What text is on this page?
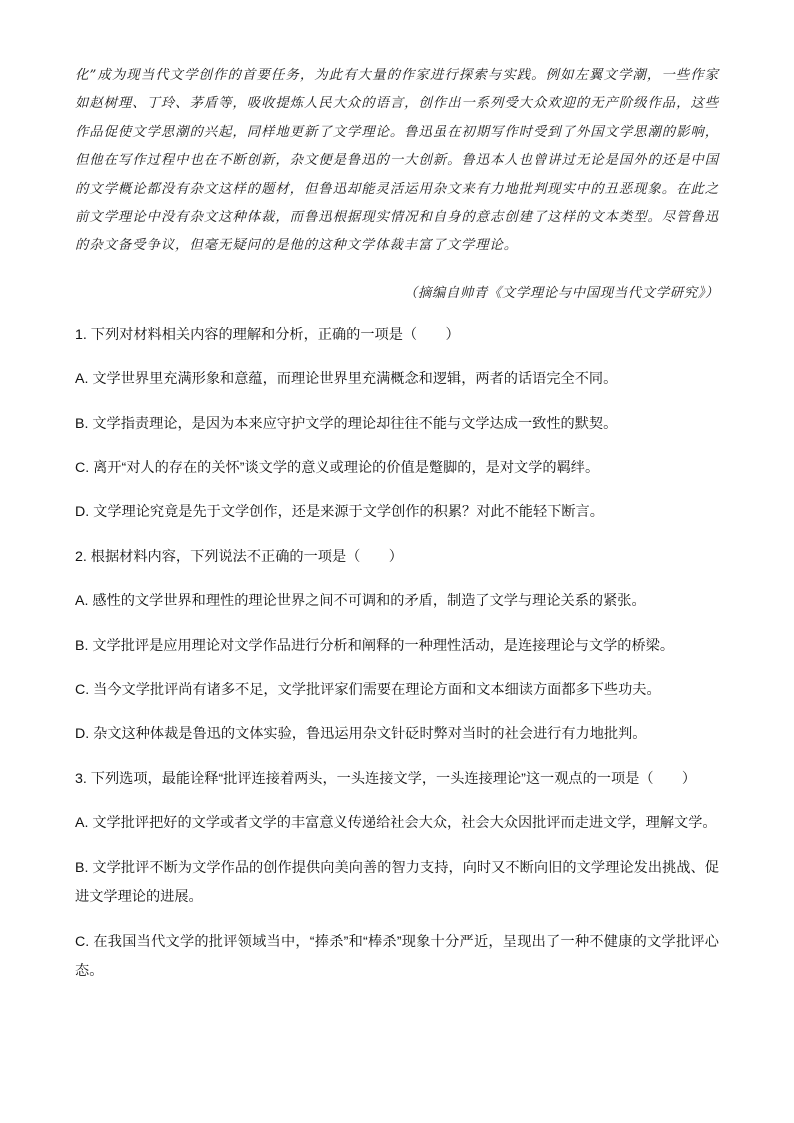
化”成为现当代文学创作的首要任务，为此有大量的作家进行探索与实践。例如左翼文学潮，一些作家如赵树理、丁玲、茅盾等，吸收提炼人民大众的语言，创作出一系列受大众欢迎的无产阶级作品，这些作品促使文学思潮的兴起，同样地更新了文学理论。鲁迅虽在初期写作时受到了外国文学思潮的影响，但他在写作过程中也在不断创新，杂文便是鲁迅的一大创新。鲁迅本人也曾讲过无论是国外的还是中国的文学概论都没有杂文这样的题材，但鲁迅却能灵活运用杂文来有力地批判现实中的丑恶现象。在此之前文学理论中没有杂文这种体裁，而鲁迅根据现实情况和自身的意志创建了这样的文本类型。尽管鲁迅的杂文备受争议，但毫无疑问的是他的这种文学体裁丰富了文学理论。

（摘编自帅青《文学理论与中国现当代文学研究》）
1. 下列对材料相关内容的理解和分析，正确的一项是（　　）
A. 文学世界里充满形象和意蕴，而理论世界里充满概念和逻辑，两者的话语完全不同。
B. 文学指责理论，是因为本来应守护文学的理论却往往不能与文学达成一致性的默契。
C. 离开“对人的存在的关怀”谈文学的意义或理论的价值是蹩脚的，是对文学的羁绊。
D. 文学理论究竟是先于文学创作，还是来源于文学创作的积累？对此不能轻下断言。
2. 根据材料内容，下列说法不正确的一项是（　　）
A. 感性的文学世界和理性的理论世界之间不可调和的矛盾，制造了文学与理论关系的紧张。
B. 文学批评是应用理论对文学作品进行分析和阐释的一种理性活动，是连接理论与文学的桥梁。
C. 当今文学批评尚有诸多不足，文学批评家们需要在理论方面和文本细读方面都多下些功夫。
D. 杂文这种体裁是鲁迅的文体实验，鲁迅运用杂文针砭时弊对当时的社会进行有力地批判。
3. 下列选项，最能诠释“批评连接着两头，一头连接文学，一头连接理论”这一观点的一项是（　　）
A. 文学批评把好的文学或者文学的丰富意义传递给社会大众，社会大众因批评而走进文学，理解文学。
B. 文学批评不断为文学作品的创作提供向美向善的智力支持，向时又不断向旧的文学理论发出挑战、促进文学理论的进展。
C. 在我国当代文学的批评领域当中，“捧杀”和“棒杀”现象十分严近，呈现出了一种不健康的文学批评心态。
